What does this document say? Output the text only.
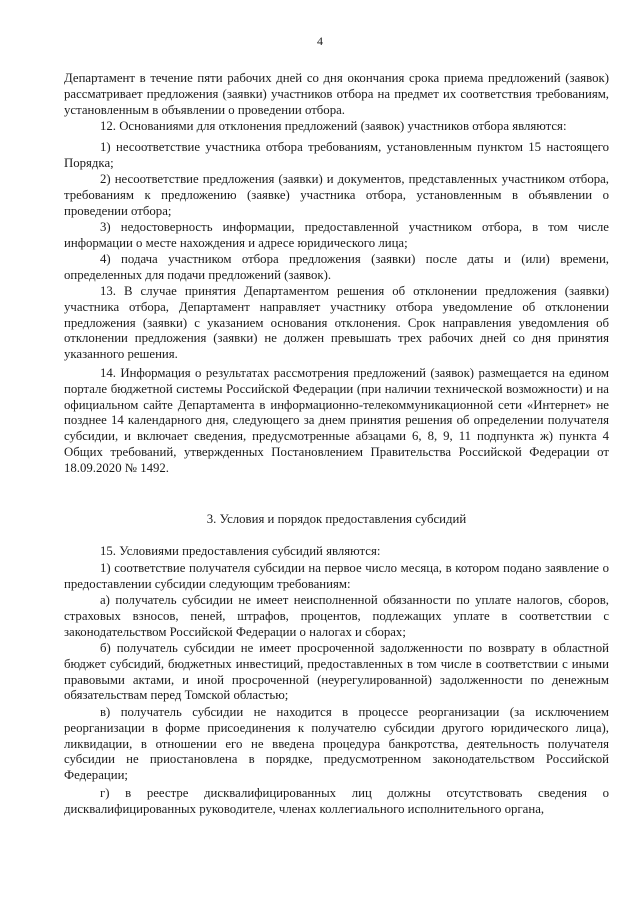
4

Департамент в течение пяти рабочих дней со дня окончания срока приема предложений (заявок) рассматривает предложения (заявки) участников отбора на предмет их соответствия требованиям, установленным в объявлении о проведении отбора.

12. Основаниями для отклонения предложений (заявок) участников отбора являются:

1) несоответствие участника отбора требованиям, установленным пунктом 15 настоящего Порядка;

2) несоответствие предложения (заявки) и документов, представленных участником отбора, требованиям к предложению (заявке) участника отбора, установленным в объявлении о проведении отбора;

3) недостоверность информации, предоставленной участником отбора, в том числе информации о месте нахождения и адресе юридического лица;

4) подача участником отбора предложения (заявки) после даты и (или) времени, определенных для подачи предложений (заявок).

13. В случае принятия Департаментом решения об отклонении предложения (заявки) участника отбора, Департамент направляет участнику отбора уведомление об отклонении предложения (заявки) с указанием основания отклонения. Срок направления уведомления об отклонении предложения (заявки) не должен превышать трех рабочих дней со дня принятия указанного решения.

14. Информация о результатах рассмотрения предложений (заявок) размещается на едином портале бюджетной системы Российской Федерации (при наличии технической возможности) и на официальном сайте Департамента в информационно-телекоммуникационной сети «Интернет» не позднее 14 календарного дня, следующего за днем принятия решения об определении получателя субсидии, и включает сведения, предусмотренные абзацами 6, 8, 9, 11 подпункта ж) пункта 4 Общих требований, утвержденных Постановлением Правительства Российской Федерации от 18.09.2020 № 1492.

3. Условия и порядок предоставления субсидий

15. Условиями предоставления субсидий являются:

1) соответствие получателя субсидии на первое число месяца, в котором подано заявление о предоставлении субсидии следующим требованиям:

а) получатель субсидии не имеет неисполненной обязанности по уплате налогов, сборов, страховых взносов, пеней, штрафов, процентов, подлежащих уплате в соответствии с законодательством Российской Федерации о налогах и сборах;

б) получатель субсидии не имеет просроченной задолженности по возврату в областной бюджет субсидий, бюджетных инвестиций, предоставленных в том числе в соответствии с иными правовыми актами, и иной просроченной (неурегулированной) задолженности по денежным обязательствам перед Томской областью;

в) получатель субсидии не находится в процессе реорганизации (за исключением реорганизации в форме присоединения к получателю субсидии другого юридического лица), ликвидации, в отношении его не введена процедура банкротства, деятельность получателя субсидии не приостановлена в порядке, предусмотренном законодательством Российской Федерации;

г) в реестре дисквалифицированных лиц должны отсутствовать сведения о дисквалифицированных руководителе, членах коллегиального исполнительного органа,
